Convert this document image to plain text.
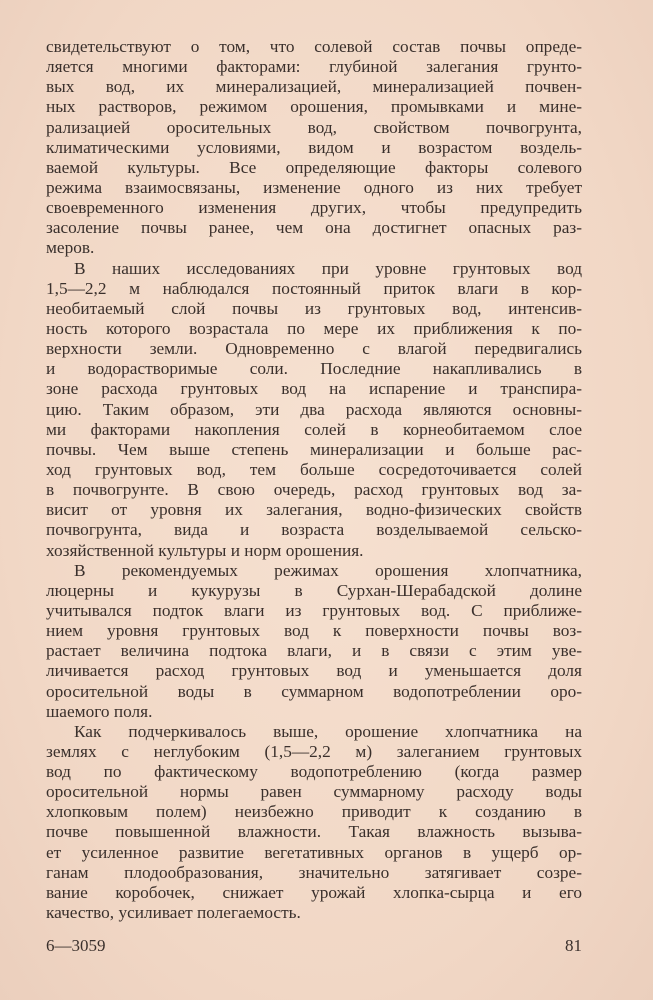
свидетельствуют о том, что солевой состав почвы опреде-
ляется многими факторами: глубиной залегания грунто-
вых вод, их минерализацией, минерализацией почвен-
ных растворов, режимом орошения, промывками и мине-
рализацией оросительных вод, свойством почвогрунта,
климатическими условиями, видом и возрастом воздель-
ваемой культуры. Все определяющие факторы солевого
режима взаимосвязаны, изменение одного из них требует
своевременного изменения других, чтобы предупредить
засоление почвы ранее, чем она достигнет опасных раз-
меров.
В наших исследованиях при уровне грунтовых вод
1,5—2,2 м наблюдался постоянный приток влаги в кор-
необитаемый слой почвы из грунтовых вод, интенсив-
ность которого возрастала по мере их приближения к по-
верхности земли. Одновременно с влагой передвигались
и водорастворимые соли. Последние накапливались в
зоне расхода грунтовых вод на испарение и транспира-
цию. Таким образом, эти два расхода являются основны-
ми факторами накопления солей в корнеобитаемом слое
почвы. Чем выше степень минерализации и больше рас-
ход грунтовых вод, тем больше сосредоточивается солей
в почвогрунте. В свою очередь, расход грунтовых вод за-
висит от уровня их залегания, водно-физических свойств
почвогрунта, вида и возраста возделываемой сельско-
хозяйственной культуры и норм орошения.
В рекомендуемых режимах орошения хлопчатника,
люцерны и кукурузы в Сурхан-Шерабадской долине
учитывался подток влаги из грунтовых вод. С приближе-
нием уровня грунтовых вод к поверхности почвы воз-
растает величина подтока влаги, и в связи с этим уве-
личивается расход грунтовых вод и уменьшается доля
оросительной воды в суммарном водопотреблении оро-
шаемого поля.
Как подчеркивалось выше, орошение хлопчатника на
землях с неглубоким (1,5—2,2 м) залеганием грунтовых
вод по фактическому водопотреблению (когда размер
оросительной нормы равен суммарному расходу воды
хлопковым полем) неизбежно приводит к созданию в
почве повышенной влажности. Такая влажность вызыва-
ет усиленное развитие вегетативных органов в ущерб ор-
ганам плодообразования, значительно затягивает созре-
вание коробочек, снижает урожай хлопка-сырца и его
качество, усиливает полегаемость.
6—3059	81
